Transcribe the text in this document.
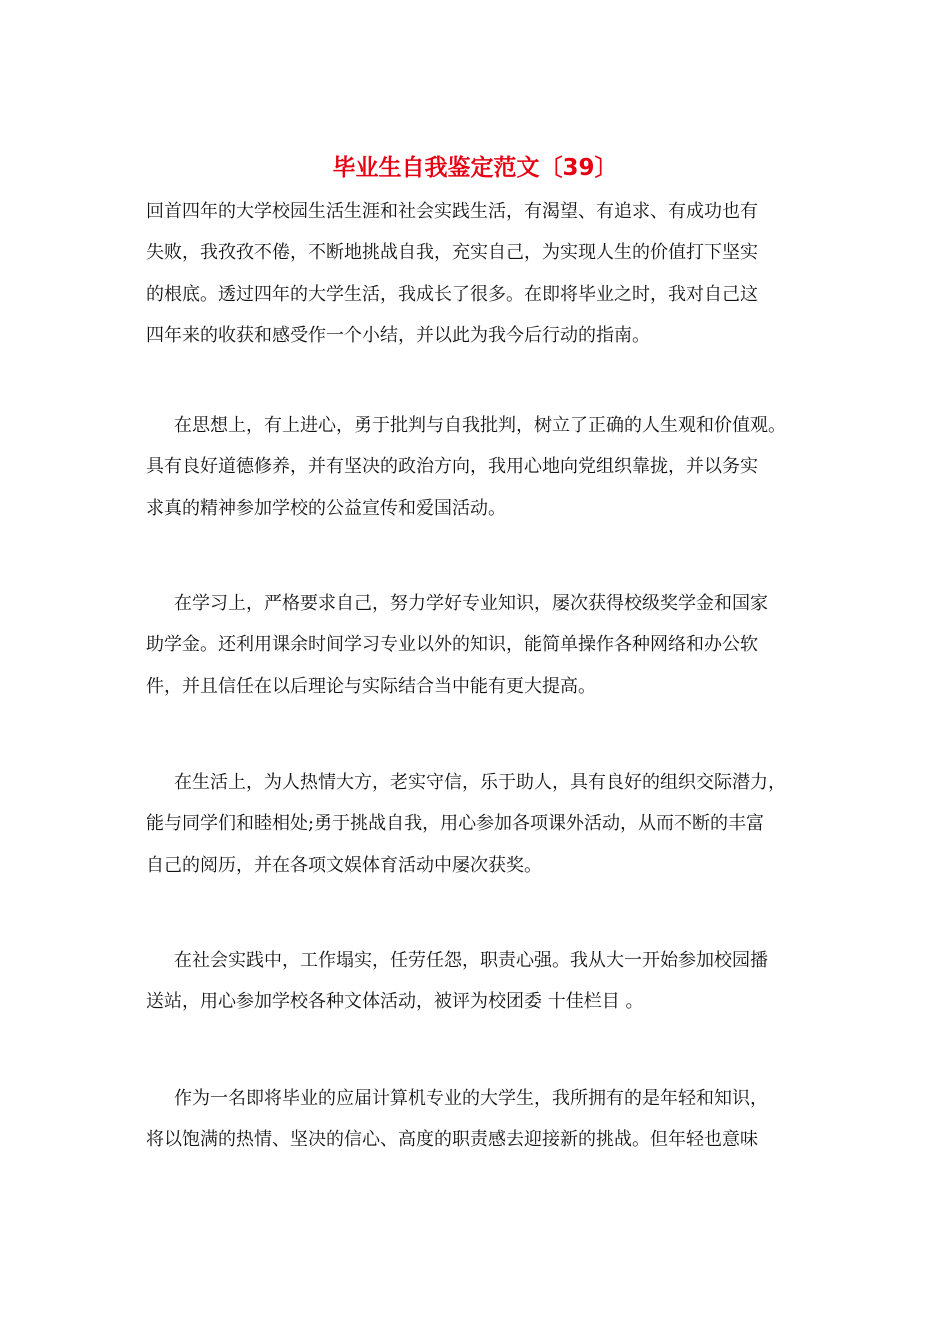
毕业生自我鉴定范文〔39〕

回首四年的大学校园生活生涯和社会实践生活，有渴望、有追求、有成功也有
失败，我孜孜不倦，不断地挑战自我，充实自己，为实现人生的价值打下坚实
的根底。透过四年的大学生活，我成长了很多。在即将毕业之时，我对自己这
四年来的收获和感受作一个小结，并以此为我今后行动的指南。

在思想上，有上进心，勇于批判与自我批判，树立了正确的人生观和价值观。
具有良好道德修养，并有坚决的政治方向，我用心地向党组织靠拢，并以务实
求真的精神参加学校的公益宣传和爱国活动。

在学习上，严格要求自己，努力学好专业知识，屡次获得校级奖学金和国家
助学金。还利用课余时间学习专业以外的知识，能简单操作各种网络和办公软
件，并且信任在以后理论与实际结合当中能有更大提高。

在生活上，为人热情大方，老实守信，乐于助人，具有良好的组织交际潜力，
能与同学们和睦相处;勇于挑战自我，用心参加各项课外活动，从而不断的丰富
自己的阅历，并在各项文娱体育活动中屡次获奖。

在社会实践中，工作塌实，任劳任怨，职责心强。我从大一开始参加校园播
送站，用心参加学校各种文体活动，被评为校团委 十佳栏目 。

作为一名即将毕业的应届计算机专业的大学生，我所拥有的是年轻和知识，
将以饱满的热情、坚决的信心、高度的职责感去迎接新的挑战。但年轻也意味
